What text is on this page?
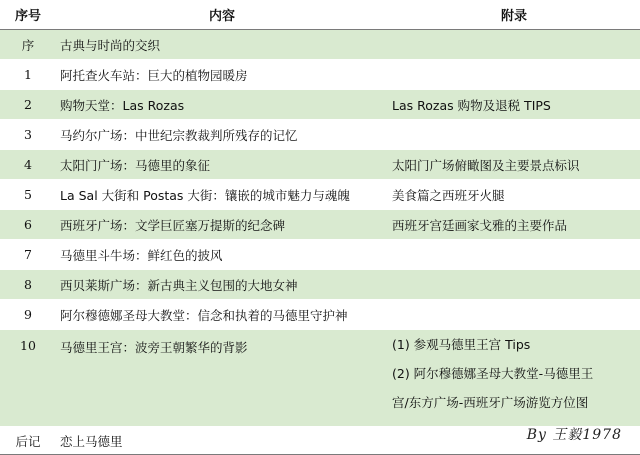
序号	内容	附录
序	古典与时尚的交织	
1	阿托查火车站：巨大的植物园暖房	
2	购物天堂：Las Rozas	Las Rozas 购物及退税 TIPS
3	马约尔广场：中世纪宗教裁判所残存的记忆	
4	太阳门广场：马德里的象征	太阳门广场俯瞰图及主要景点标识
5	La Sal 大街和 Postas 大街：镶嵌的城市魅力与魂魄	美食篇之西班牙火腿
6	西班牙广场：文学巨匠塞万提斯的纪念碑	西班牙宫廷画家戈雅的主要作品
7	马德里斗牛场：鲜红色的披风	
8	西贝莱斯广场：新古典主义包围的大地女神	
9	阿尔穆德娜圣母大教堂：信念和执着的马德里守护神	
10	马德里王宫：波旁王朝繁华的背影	(1) 参观马德里王宫 Tips
(2) 阿尔穆德娜圣母大教堂-马德里王
宫/东方广场-西班牙广场游览方位图

后记	恋上马德里		By 王毅1978
